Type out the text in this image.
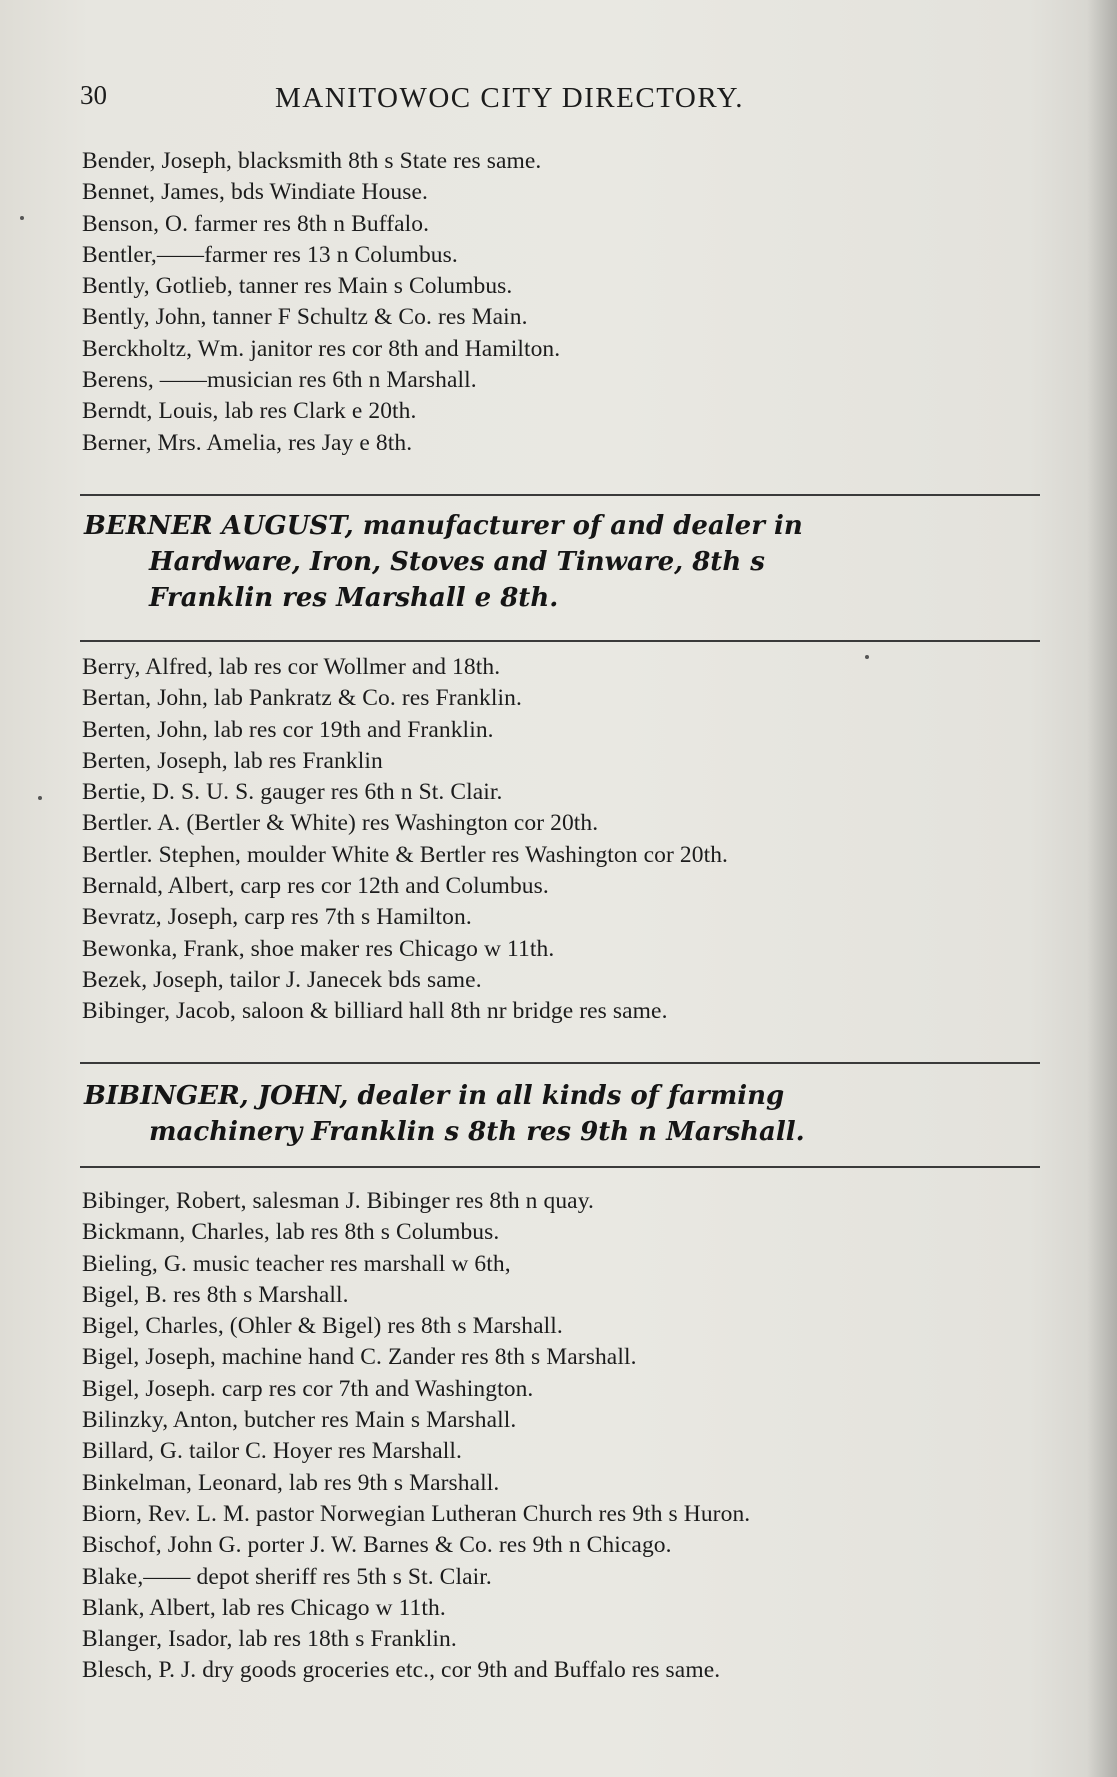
30	MANITOWOC CITY DIRECTORY.
Bender, Joseph, blacksmith 8th s State res same.
Bennet, James, bds Windiate House.
Benson, O. farmer res 8th n Buffalo.
Bentler,——farmer res 13 n Columbus.
Bently, Gotlieb, tanner res Main s Columbus.
Bently, John, tanner F Schultz & Co. res Main.
Berckholtz, Wm. janitor res cor 8th and Hamilton.
Berens, ——musician res 6th n Marshall.
Berndt, Louis, lab res Clark e 20th.
Berner, Mrs. Amelia, res Jay e 8th.

BERNER AUGUST, manufacturer of and dealer in
Hardware, Iron, Stoves and Tinware, 8th s
Franklin res Marshall e 8th.

Berry, Alfred, lab res cor Wollmer and 18th.
Bertan, John, lab Pankratz & Co. res Franklin.
Berten, John, lab res cor 19th and Franklin.
Berten, Joseph, lab res Franklin
Bertie, D. S. U. S. gauger res 6th n St. Clair.
Bertler. A. (Bertler & White) res Washington cor 20th.
Bertler. Stephen, moulder White & Bertler res Washington cor 20th.
Bernald, Albert, carp res cor 12th and Columbus.
Bevratz, Joseph, carp res 7th s Hamilton.
Bewonka, Frank, shoe maker res Chicago w 11th.
Bezek, Joseph, tailor J. Janecek bds same.
Bibinger, Jacob, saloon & billiard hall 8th nr bridge res same.

BIBINGER, JOHN, dealer in all kinds of farming
machinery Franklin s 8th res 9th n Marshall.

Bibinger, Robert, salesman J. Bibinger res 8th n quay.
Bickmann, Charles, lab res 8th s Columbus.
Bieling, G. music teacher res marshall w 6th,
Bigel, B. res 8th s Marshall.
Bigel, Charles, (Ohler & Bigel) res 8th s Marshall.
Bigel, Joseph, machine hand C. Zander res 8th s Marshall.
Bigel, Joseph. carp res cor 7th and Washington.
Bilinzky, Anton, butcher res Main s Marshall.
Billard, G. tailor C. Hoyer res Marshall.
Binkelman, Leonard, lab res 9th s Marshall.
Biorn, Rev. L. M. pastor Norwegian Lutheran Church res 9th s Huron.
Bischof, John G. porter J. W. Barnes & Co. res 9th n Chicago.
Blake,—— depot sheriff res 5th s St. Clair.
Blank, Albert, lab res Chicago w 11th.
Blanger, Isador, lab res 18th s Franklin.
Blesch, P. J. dry goods groceries etc., cor 9th and Buffalo res same.
